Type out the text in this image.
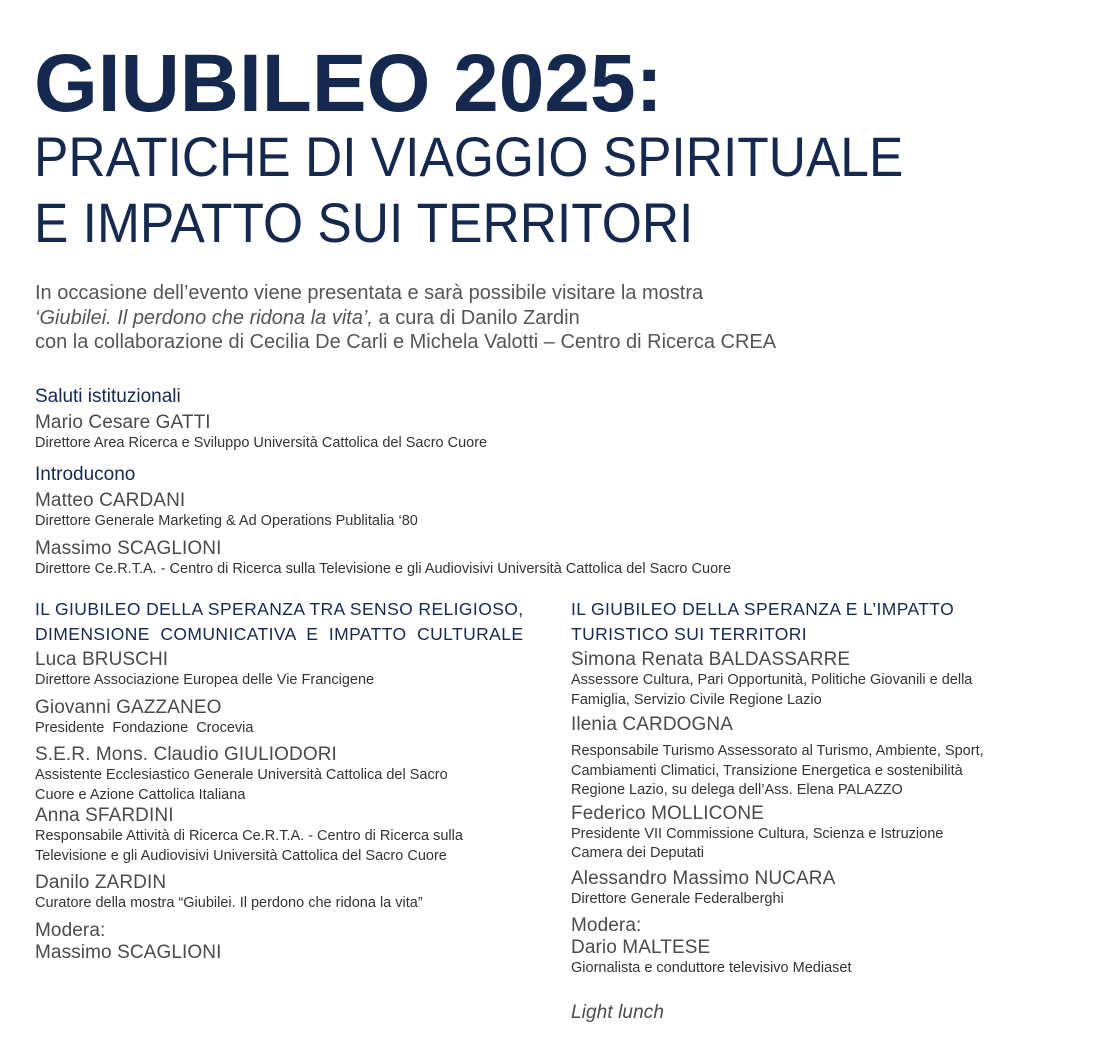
GIUBILEO 2025:
PRATICHE DI VIAGGIO SPIRITUALE
E IMPATTO SUI TERRITORI
In occasione dell’evento viene presentata e sarà possibile visitare la mostra
‘Giubilei. Il perdono che ridona la vita’, a cura di Danilo Zardin
con la collaborazione di Cecilia De Carli e Michela Valotti – Centro di Ricerca CREA
Saluti istituzionali
Mario Cesare GATTI
Direttore Area Ricerca e Sviluppo Università Cattolica del Sacro Cuore
Introducono
Matteo CARDANI
Direttore Generale Marketing & Ad Operations Publitalia ‘80
Massimo SCAGLIONI
Direttore Ce.R.T.A. - Centro di Ricerca sulla Televisione e gli Audiovisivi Università Cattolica del Sacro Cuore
IL GIUBILEO DELLA SPERANZA TRA SENSO RELIGIOSO,
DIMENSIONE  COMUNICATIVA  E  IMPATTO  CULTURALE
Luca BRUSCHI
Direttore Associazione Europea delle Vie Francigene
Giovanni GAZZANEO
Presidente  Fondazione  Crocevia
S.E.R. Mons. Claudio GIULIODORI
Assistente Ecclesiastico Generale Università Cattolica del Sacro
Cuore e Azione Cattolica Italiana
Anna SFARDINI
Responsabile Attività di Ricerca Ce.R.T.A. - Centro di Ricerca sulla
Televisione e gli Audiovisivi Università Cattolica del Sacro Cuore
Danilo ZARDIN
Curatore della mostra “Giubilei. Il perdono che ridona la vita”
Modera:
Massimo SCAGLIONI
IL GIUBILEO DELLA SPERANZA E L’IMPATTO
TURISTICO SUI TERRITORI
Simona Renata BALDASSARRE
Assessore Cultura, Pari Opportunità, Politiche Giovanili e della
Famiglia, Servizio Civile Regione Lazio
Ilenia CARDOGNA
Responsabile Turismo Assessorato al Turismo, Ambiente, Sport,
Cambiamenti Climatici, Transizione Energetica e sostenibilità
Regione Lazio, su delega dell’Ass. Elena PALAZZO
Federico MOLLICONE
Presidente VII Commissione Cultura, Scienza e Istruzione
Camera dei Deputati
Alessandro Massimo NUCARA
Direttore Generale Federalberghi
Modera:
Dario MALTESE
Giornalista e conduttore televisivo Mediaset
Light lunch
